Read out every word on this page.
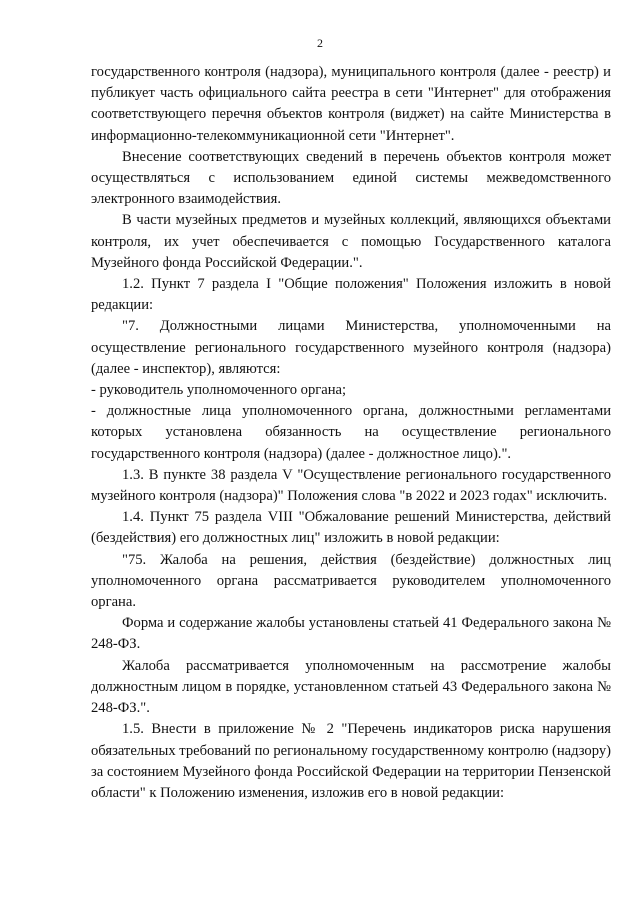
2

государственного контроля (надзора), муниципального контроля (далее - реестр) и публикует часть официального сайта реестра в сети "Интернет" для отображения соответствующего перечня объектов контроля (виджет) на сайте Министерства в информационно-телекоммуникационной сети "Интернет".

Внесение соответствующих сведений в перечень объектов контроля может осуществляться с использованием единой системы межведомственного электронного взаимодействия.

В части музейных предметов и музейных коллекций, являющихся объектами контроля, их учет обеспечивается с помощью Государственного каталога Музейного фонда Российской Федерации.".

1.2. Пункт 7 раздела I "Общие положения" Положения изложить в новой редакции:

"7. Должностными лицами Министерства, уполномоченными на осуществление регионального государственного музейного контроля (надзора) (далее - инспектор), являются:

- руководитель уполномоченного органа;

- должностные лица уполномоченного органа, должностными регламентами которых установлена обязанность на осуществление регионального государственного контроля (надзора) (далее - должностное лицо).".

1.3. В пункте 38 раздела V "Осуществление регионального государственного музейного контроля (надзора)" Положения слова "в 2022 и 2023 годах" исключить.

1.4. Пункт 75 раздела VIII "Обжалование решений Министерства, действий (бездействия) его должностных лиц" изложить в новой редакции:

"75. Жалоба на решения, действия (бездействие) должностных лиц уполномоченного органа рассматривается руководителем уполномоченного органа.

Форма и содержание жалобы установлены статьей 41 Федерального закона № 248-ФЗ.

Жалоба рассматривается уполномоченным на рассмотрение жалобы должностным лицом в порядке, установленном статьей 43 Федерального закона № 248-ФЗ.".

1.5. Внести в приложение № 2 "Перечень индикаторов риска нарушения обязательных требований по региональному государственному контролю (надзору) за состоянием Музейного фонда Российской Федерации на территории Пензенской области" к Положению изменения, изложив его в новой редакции:
